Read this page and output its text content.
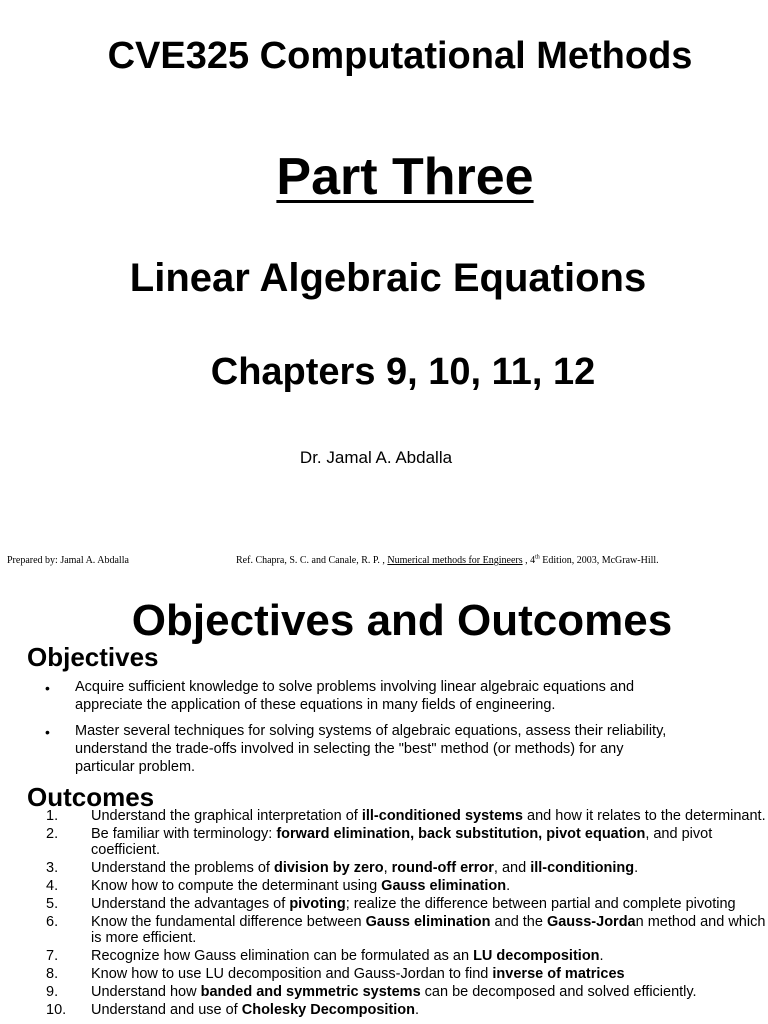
CVE325 Computational Methods
Part Three
Linear Algebraic Equations
Chapters 9, 10, 11, 12
Dr. Jamal A. Abdalla
Prepared by: Jamal A. Abdalla	Ref. Chapra, S. C. and Canale, R. P. , Numerical methods for Engineers , 4th Edition, 2003, McGraw-Hill.
Objectives and Outcomes
Objectives
• Acquire sufficient knowledge to solve problems involving linear algebraic equations and appreciate the application of these equations in many fields of engineering.
• Master several techniques for solving systems of algebraic equations, assess their reliability, understand the trade-offs involved in selecting the "best" method (or methods) for any particular problem.
Outcomes
1. Understand the graphical interpretation of ill-conditioned systems and how it relates to the determinant.
2. Be familiar with terminology: forward elimination, back substitution, pivot equation, and pivot coefficient.
3. Understand the problems of division by zero, round-off error, and ill-conditioning.
4. Know how to compute the determinant using Gauss elimination.
5. Understand the advantages of pivoting; realize the difference between partial and complete pivoting
6. Know the fundamental difference between Gauss elimination and the Gauss-Jordan method and which is more efficient.
7. Recognize how Gauss elimination can be formulated as an LU decomposition.
8. Know how to use LU decomposition and Gauss-Jordan to find inverse of matrices
9. Understand how banded and symmetric systems can be decomposed and solved efficiently.
10. Understand and use of Cholesky Decomposition.
